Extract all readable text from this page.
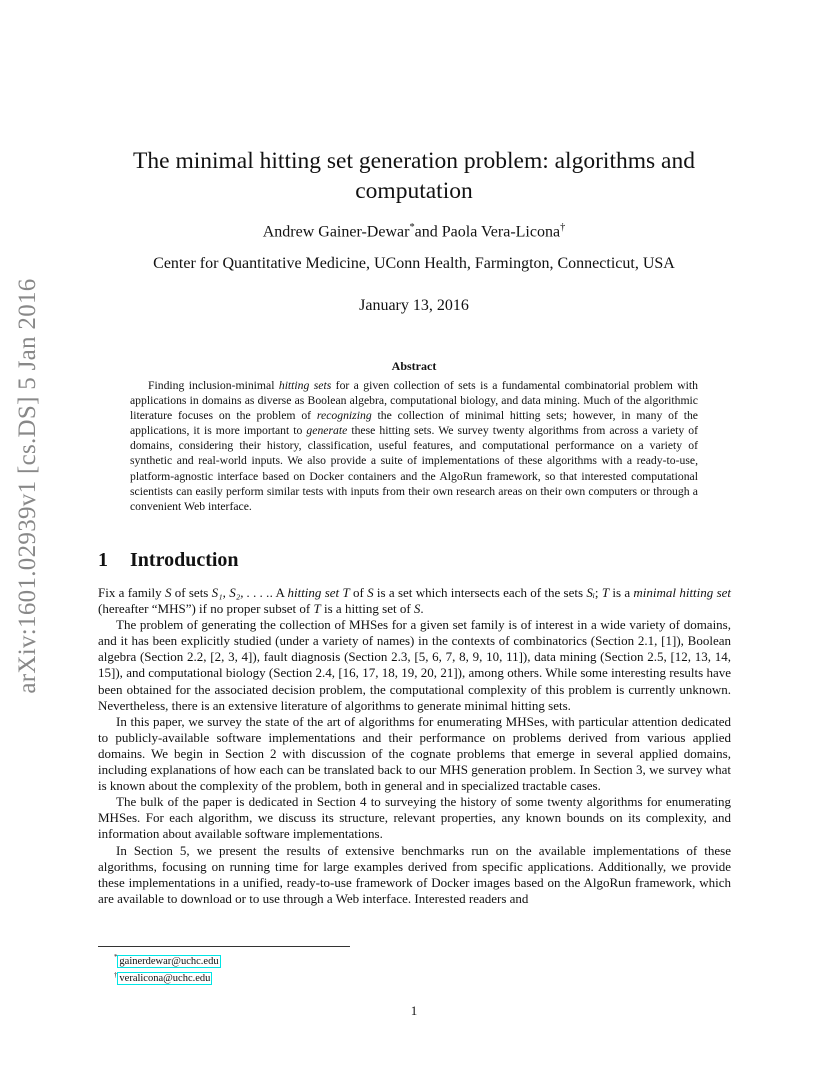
arXiv:1601.02939v1 [cs.DS] 5 Jan 2016
The minimal hitting set generation problem: algorithms and computation
Andrew Gainer-Dewar*and Paola Vera-Licona†
Center for Quantitative Medicine, UConn Health, Farmington, Connecticut, USA
January 13, 2016
Abstract
Finding inclusion-minimal hitting sets for a given collection of sets is a fundamental combinatorial problem with applications in domains as diverse as Boolean algebra, computational biology, and data mining. Much of the algorithmic literature focuses on the problem of recognizing the collection of minimal hitting sets; however, in many of the applications, it is more important to generate these hitting sets. We survey twenty algorithms from across a variety of domains, considering their history, classification, useful features, and computational performance on a variety of synthetic and real-world inputs. We also provide a suite of implementations of these algorithms with a ready-to-use, platform-agnostic interface based on Docker containers and the AlgoRun framework, so that interested computational scientists can easily perform similar tests with inputs from their own research areas on their own computers or through a convenient Web interface.
1 Introduction

Fix a family S of sets S₁, S₂, . . . .. A hitting set T of S is a set which intersects each of the sets Sᵢ; T is a minimal hitting set (hereafter “MHS”) if no proper subset of T is a hitting set of S.

The problem of generating the collection of MHSes for a given set family is of interest in a wide variety of domains, and it has been explicitly studied (under a variety of names) in the contexts of combinatorics (Section 2.1, [1]), Boolean algebra (Section 2.2, [2, 3, 4]), fault diagnosis (Section 2.3, [5, 6, 7, 8, 9, 10, 11]), data mining (Section 2.5, [12, 13, 14, 15]), and computational biology (Section 2.4, [16, 17, 18, 19, 20, 21]), among others. While some interesting results have been obtained for the associated decision problem, the computational complexity of this problem is currently unknown. Nevertheless, there is an extensive literature of algorithms to generate minimal hitting sets.

In this paper, we survey the state of the art of algorithms for enumerating MHSes, with particular attention dedicated to publicly-available software implementations and their performance on problems derived from various applied domains. We begin in Section 2 with discussion of the cognate problems that emerge in several applied domains, including explanations of how each can be translated back to our MHS generation problem. In Section 3, we survey what is known about the complexity of the problem, both in general and in specialized tractable cases.

The bulk of the paper is dedicated in Section 4 to surveying the history of some twenty algorithms for enumerating MHSes. For each algorithm, we discuss its structure, relevant properties, any known bounds on its complexity, and information about available software implementations.

In Section 5, we present the results of extensive benchmarks run on the available implementations of these algorithms, focusing on running time for large examples derived from specific applications. Additionally, we provide these implementations in a unified, ready-to-use framework of Docker images based on the AlgoRun framework, which are available to download or to use through a Web interface. Interested readers and

* gainerdewar@uchc.edu
† veralicona@uchc.edu
1
